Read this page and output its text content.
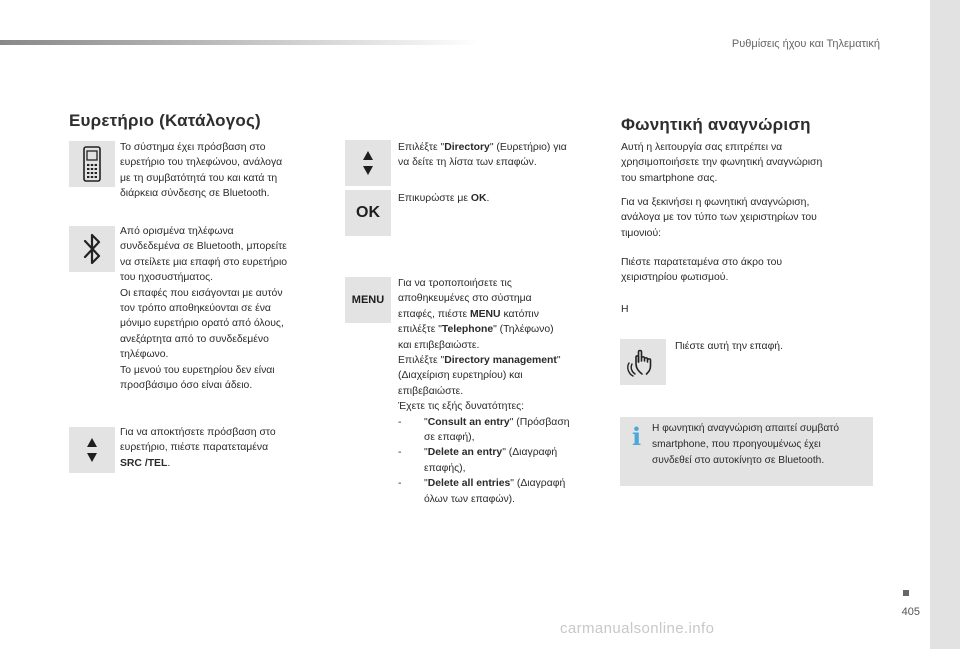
Ρυθμίσεις ήχου και Τηλεματική
Ευρετήριο (Κατάλογος)
Το σύστημα έχει πρόσβαση στο
ευρετήριο του τηλεφώνου, ανάλογα
με τη συμβατότητά του και κατά τη
διάρκεια σύνδεσης σε Bluetooth.
Από ορισμένα τηλέφωνα
συνδεδεμένα σε Bluetooth, μπορείτε
να στείλετε μια επαφή στο ευρετήριο
του ηχοσυστήματος.
Οι επαφές που εισάγονται με αυτόν
τον τρόπο αποθηκεύονται σε ένα
μόνιμο ευρετήριο ορατό από όλους,
ανεξάρτητα από το συνδεδεμένο
τηλέφωνο.
Το μενού του ευρετηρίου δεν είναι
προσβάσιμο όσο είναι άδειο.
Για να αποκτήσετε πρόσβαση στο
ευρετήριο, πιέστε παρατεταμένα
SRC /TEL.
Επιλέξτε "Directory" (Ευρετήριο) για
να δείτε τη λίστα των επαφών.
OK
Επικυρώστε με OK.
MENU
Για να τροποποιήσετε τις
αποθηκευμένες στο σύστημα
επαφές, πιέστε MENU κατόπιν
επιλέξτε "Telephone" (Τηλέφωνο)
και επιβεβαιώστε.
Επιλέξτε "Directory management"
(Διαχείριση ευρετηρίου) και
επιβεβαιώστε.
Έχετε τις εξής δυνατότητες:
-	"Consult an entry" (Πρόσβαση
σε επαφή),
-	"Delete an entry" (Διαγραφή
επαφής),
-	"Delete all entries" (Διαγραφή
όλων των επαφών).
Φωνητική αναγνώριση
Αυτή η λειτουργία σας επιτρέπει να
χρησιμοποιήσετε την φωνητική αναγνώριση
του smartphone σας.
Για να ξεκινήσει η φωνητική αναγνώριση,
ανάλογα με τον τύπο των χειριστηρίων του
τιμονιού:
Πιέστε παρατεταμένα στο άκρο του
χειριστηρίου φωτισμού.
Η
Πιέστε αυτή την επαφή.
i Η φωνητική αναγνώριση απαιτεί συμβατό
smartphone, που προηγουμένως έχει
συνδεθεί στο αυτοκίνητο σε Bluetooth.
405
carmanualsonline.info
